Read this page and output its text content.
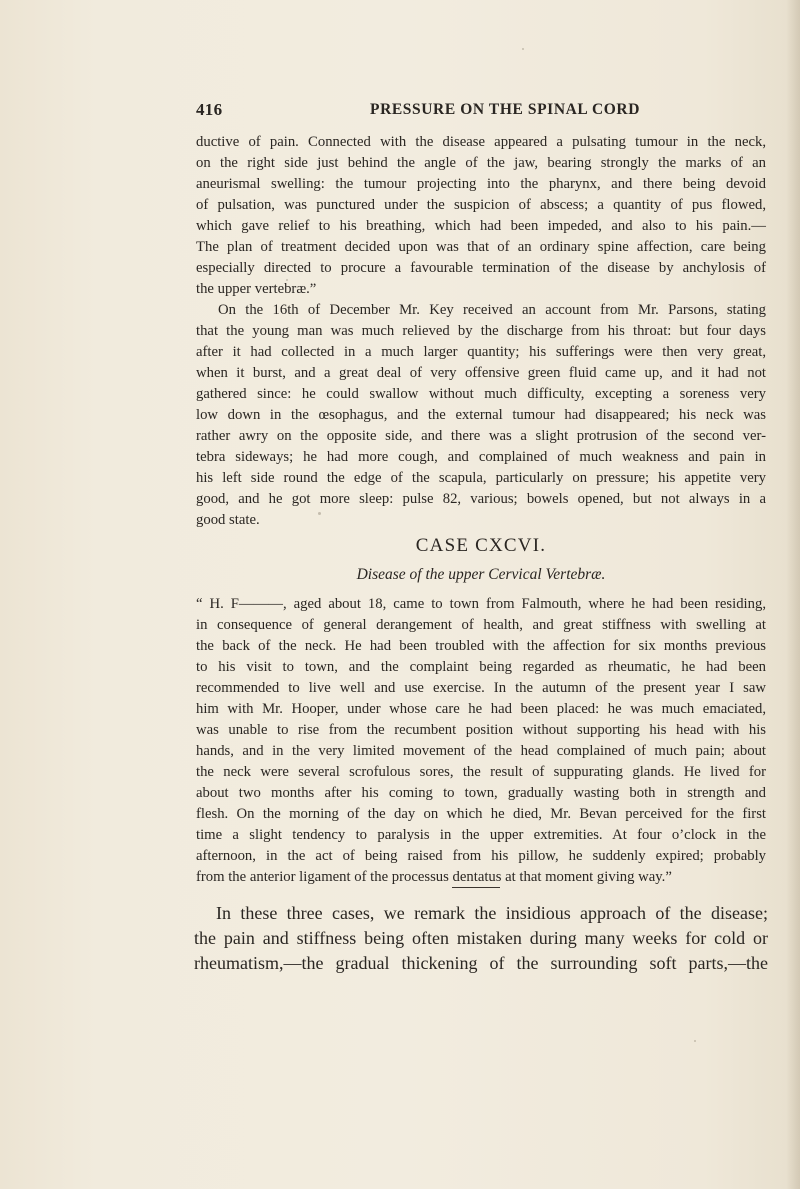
416	PRESSURE ON THE SPINAL CORD
ductive of pain. Connected with the disease appeared a pulsating tumour in the neck,
on the right side just behind the angle of the jaw, bearing strongly the marks of an
aneurismal swelling: the tumour projecting into the pharynx, and there being devoid
of pulsation, was punctured under the suspicion of abscess; a quantity of pus flowed,
which gave relief to his breathing, which had been impeded, and also to his pain.—
The plan of treatment decided upon was that of an ordinary spine affection, care being
especially directed to procure a favourable termination of the disease by anchylosis of
the upper vertebræ.”
On the 16th of December Mr. Key received an account from Mr. Parsons, stating
that the young man was much relieved by the discharge from his throat: but four days
after it had collected in a much larger quantity; his sufferings were then very great,
when it burst, and a great deal of very offensive green fluid came up, and it had not
gathered since: he could swallow without much difficulty, excepting a soreness very
low down in the œsophagus, and the external tumour had disappeared; his neck was
rather awry on the opposite side, and there was a slight protrusion of the second ver-
tebra sideways; he had more cough, and complained of much weakness and pain in
his left side round the edge of the scapula, particularly on pressure; his appetite very
good, and he got more sleep: pulse 82, various; bowels opened, but not always in a
good state.
CASE CXCVI.
Disease of the upper Cervical Vertebræ.
“ H. F———, aged about 18, came to town from Falmouth, where he had been residing,
in consequence of general derangement of health, and great stiffness with swelling at
the back of the neck. He had been troubled with the affection for six months previous
to his visit to town, and the complaint being regarded as rheumatic, he had been
recommended to live well and use exercise. In the autumn of the present year I saw
him with Mr. Hooper, under whose care he had been placed: he was much emaciated,
was unable to rise from the recumbent position without supporting his head with his
hands, and in the very limited movement of the head complained of much pain; about
the neck were several scrofulous sores, the result of suppurating glands. He lived for
about two months after his coming to town, gradually wasting both in strength and
flesh. On the morning of the day on which he died, Mr. Bevan perceived for the first
time a slight tendency to paralysis in the upper extremities. At four o’clock in the
afternoon, in the act of being raised from his pillow, he suddenly expired; probably
from the anterior ligament of the processus dentatus at that moment giving way.”
In these three cases, we remark the insidious approach of the disease;
the pain and stiffness being often mistaken during many weeks for cold or
rheumatism,—the gradual thickening of the surrounding soft parts,—the
